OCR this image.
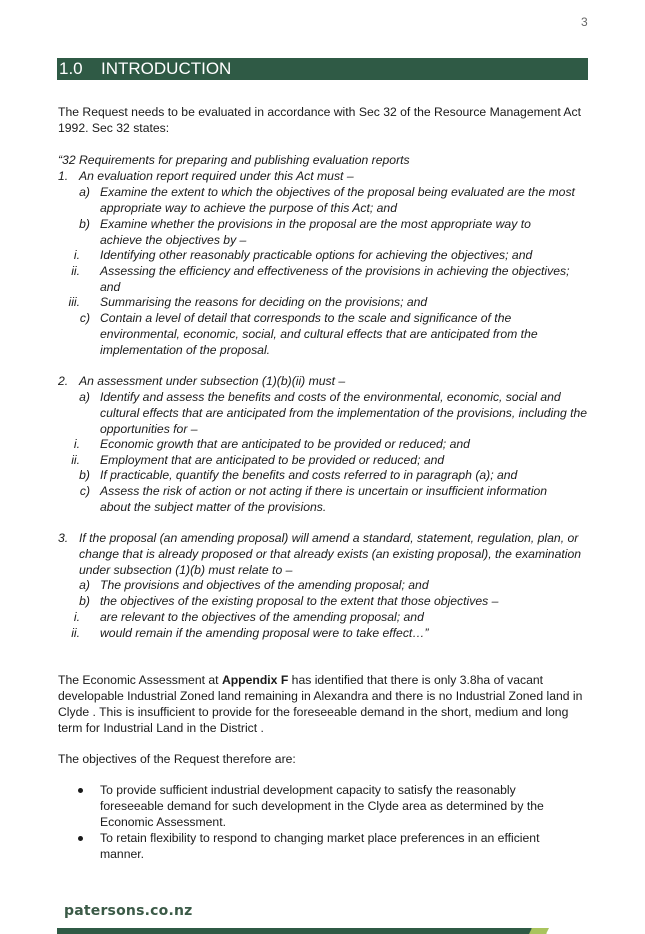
3
1.0 INTRODUCTION
The Request needs to be evaluated in accordance with Sec 32 of the Resource Management Act 1992. Sec 32 states:
“32 Requirements for preparing and publishing evaluation reports
1. An evaluation report required under this Act must –
a) Examine the extent to which the objectives of the proposal being evaluated are the most appropriate way to achieve the purpose of this Act; and
b) Examine whether the provisions in the proposal are the most appropriate way to achieve the objectives by –
i. Identifying other reasonably practicable options for achieving the objectives; and
ii. Assessing the efficiency and effectiveness of the provisions in achieving the objectives; and
iii. Summarising the reasons for deciding on the provisions; and
c) Contain a level of detail that corresponds to the scale and significance of the environmental, economic, social, and cultural effects that are anticipated from the implementation of the proposal.
2. An assessment under subsection (1)(b)(ii) must –
a) Identify and assess the benefits and costs of the environmental, economic, social and cultural effects that are anticipated from the implementation of the provisions, including the opportunities for –
i. Economic growth that are anticipated to be provided or reduced; and
ii. Employment that are anticipated to be provided or reduced; and
b) If practicable, quantify the benefits and costs referred to in paragraph (a); and
c) Assess the risk of action or not acting if there is uncertain or insufficient information about the subject matter of the provisions.
3. If the proposal (an amending proposal) will amend a standard, statement, regulation, plan, or change that is already proposed or that already exists (an existing proposal), the examination under subsection (1)(b) must relate to –
a) The provisions and objectives of the amending proposal; and
b) the objectives of the existing proposal to the extent that those objectives –
i. are relevant to the objectives of the amending proposal; and
ii. would remain if the amending proposal were to take effect…”
The Economic Assessment at Appendix F has identified that there is only 3.8ha of vacant developable Industrial Zoned land remaining in Alexandra and there is no Industrial Zoned land in Clyde . This is insufficient to provide for the foreseeable demand in the short, medium and long term for Industrial Land in the District .
The objectives of the Request therefore are:
To provide sufficient industrial development capacity to satisfy the reasonably foreseeable demand for such development in the Clyde area as determined by the Economic Assessment.
To retain flexibility to respond to changing market place preferences in an efficient manner.
patersons.co.nz
